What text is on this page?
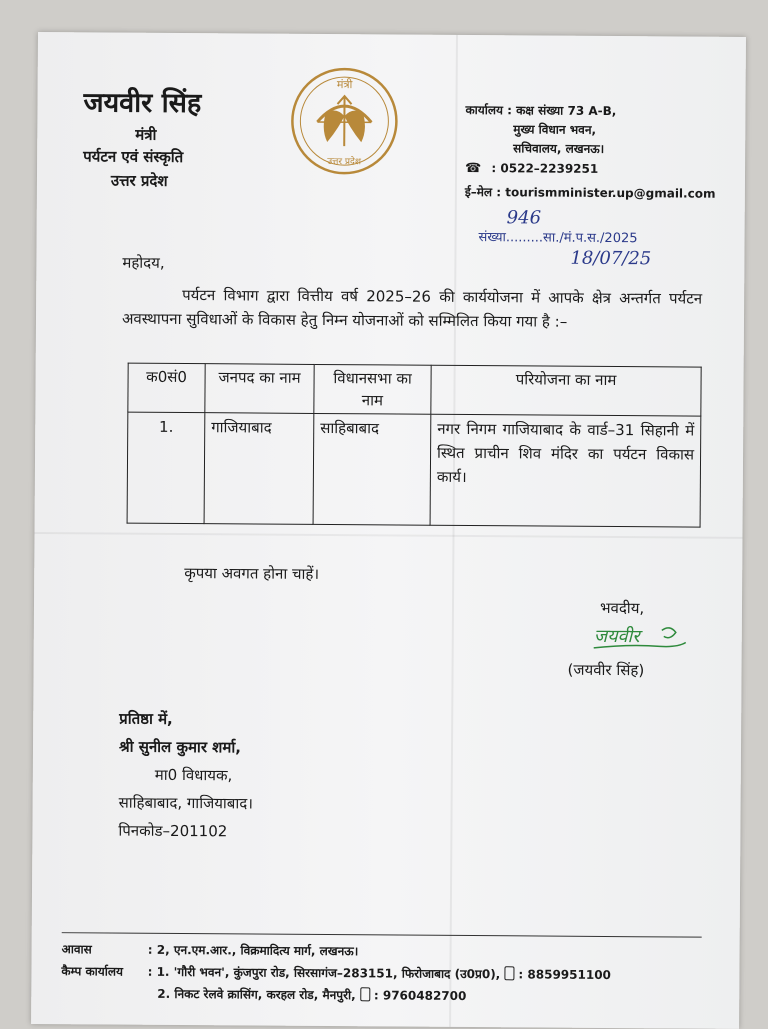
जयवीर सिंह
मंत्री
पर्यटन एवं संस्कृति
उत्तर प्रदेश
मंत्री
उत्तर प्रदेश
कार्यालय : कक्ष संख्या 73 A-B,
मुख्य विधान भवन,
सचिवालय, लखनऊ।
☎ : 0522–2239251
ई–मेल : tourismminister.up@gmail.com
946
संख्या.........सा./मं.प.स./2025
18/07/25
महोदय,
पर्यटन विभाग द्वारा वित्तीय वर्ष 2025–26 की कार्ययोजना में आपके क्षेत्र अन्तर्गत पर्यटन अवस्थापना सुविधाओं के विकास हेतु निम्न योजनाओं को सम्मिलित किया गया है :–
क0सं0	जनपद का नाम	विधानसभा का नाम	परियोजना का नाम
1.	गाजियाबाद	साहिबाबाद	नगर निगम गाजियाबाद के वार्ड–31 सिहानी में स्थित प्राचीन शिव मंदिर का पर्यटन विकास कार्य।
कृपया अवगत होना चाहें।
भवदीय,
जयवीर
(जयवीर सिंह)
प्रतिष्ठा में,
श्री सुनील कुमार शर्मा,
मा0 विधायक,
साहिबाबाद, गाजियाबाद।
पिनकोड–201102
आवास	: 2, एन.एम.आर., विक्रमादित्य मार्ग, लखनऊ।
कैम्प कार्यालय : 1. 'गौरी भवन', कुंजपुरा रोड, सिरसागंज–283151, फिरोजाबाद (उ0प्र0), : 8859951100
2. निकट रेलवे क्रासिंग, करहल रोड, मैनपुरी, : 9760482700
